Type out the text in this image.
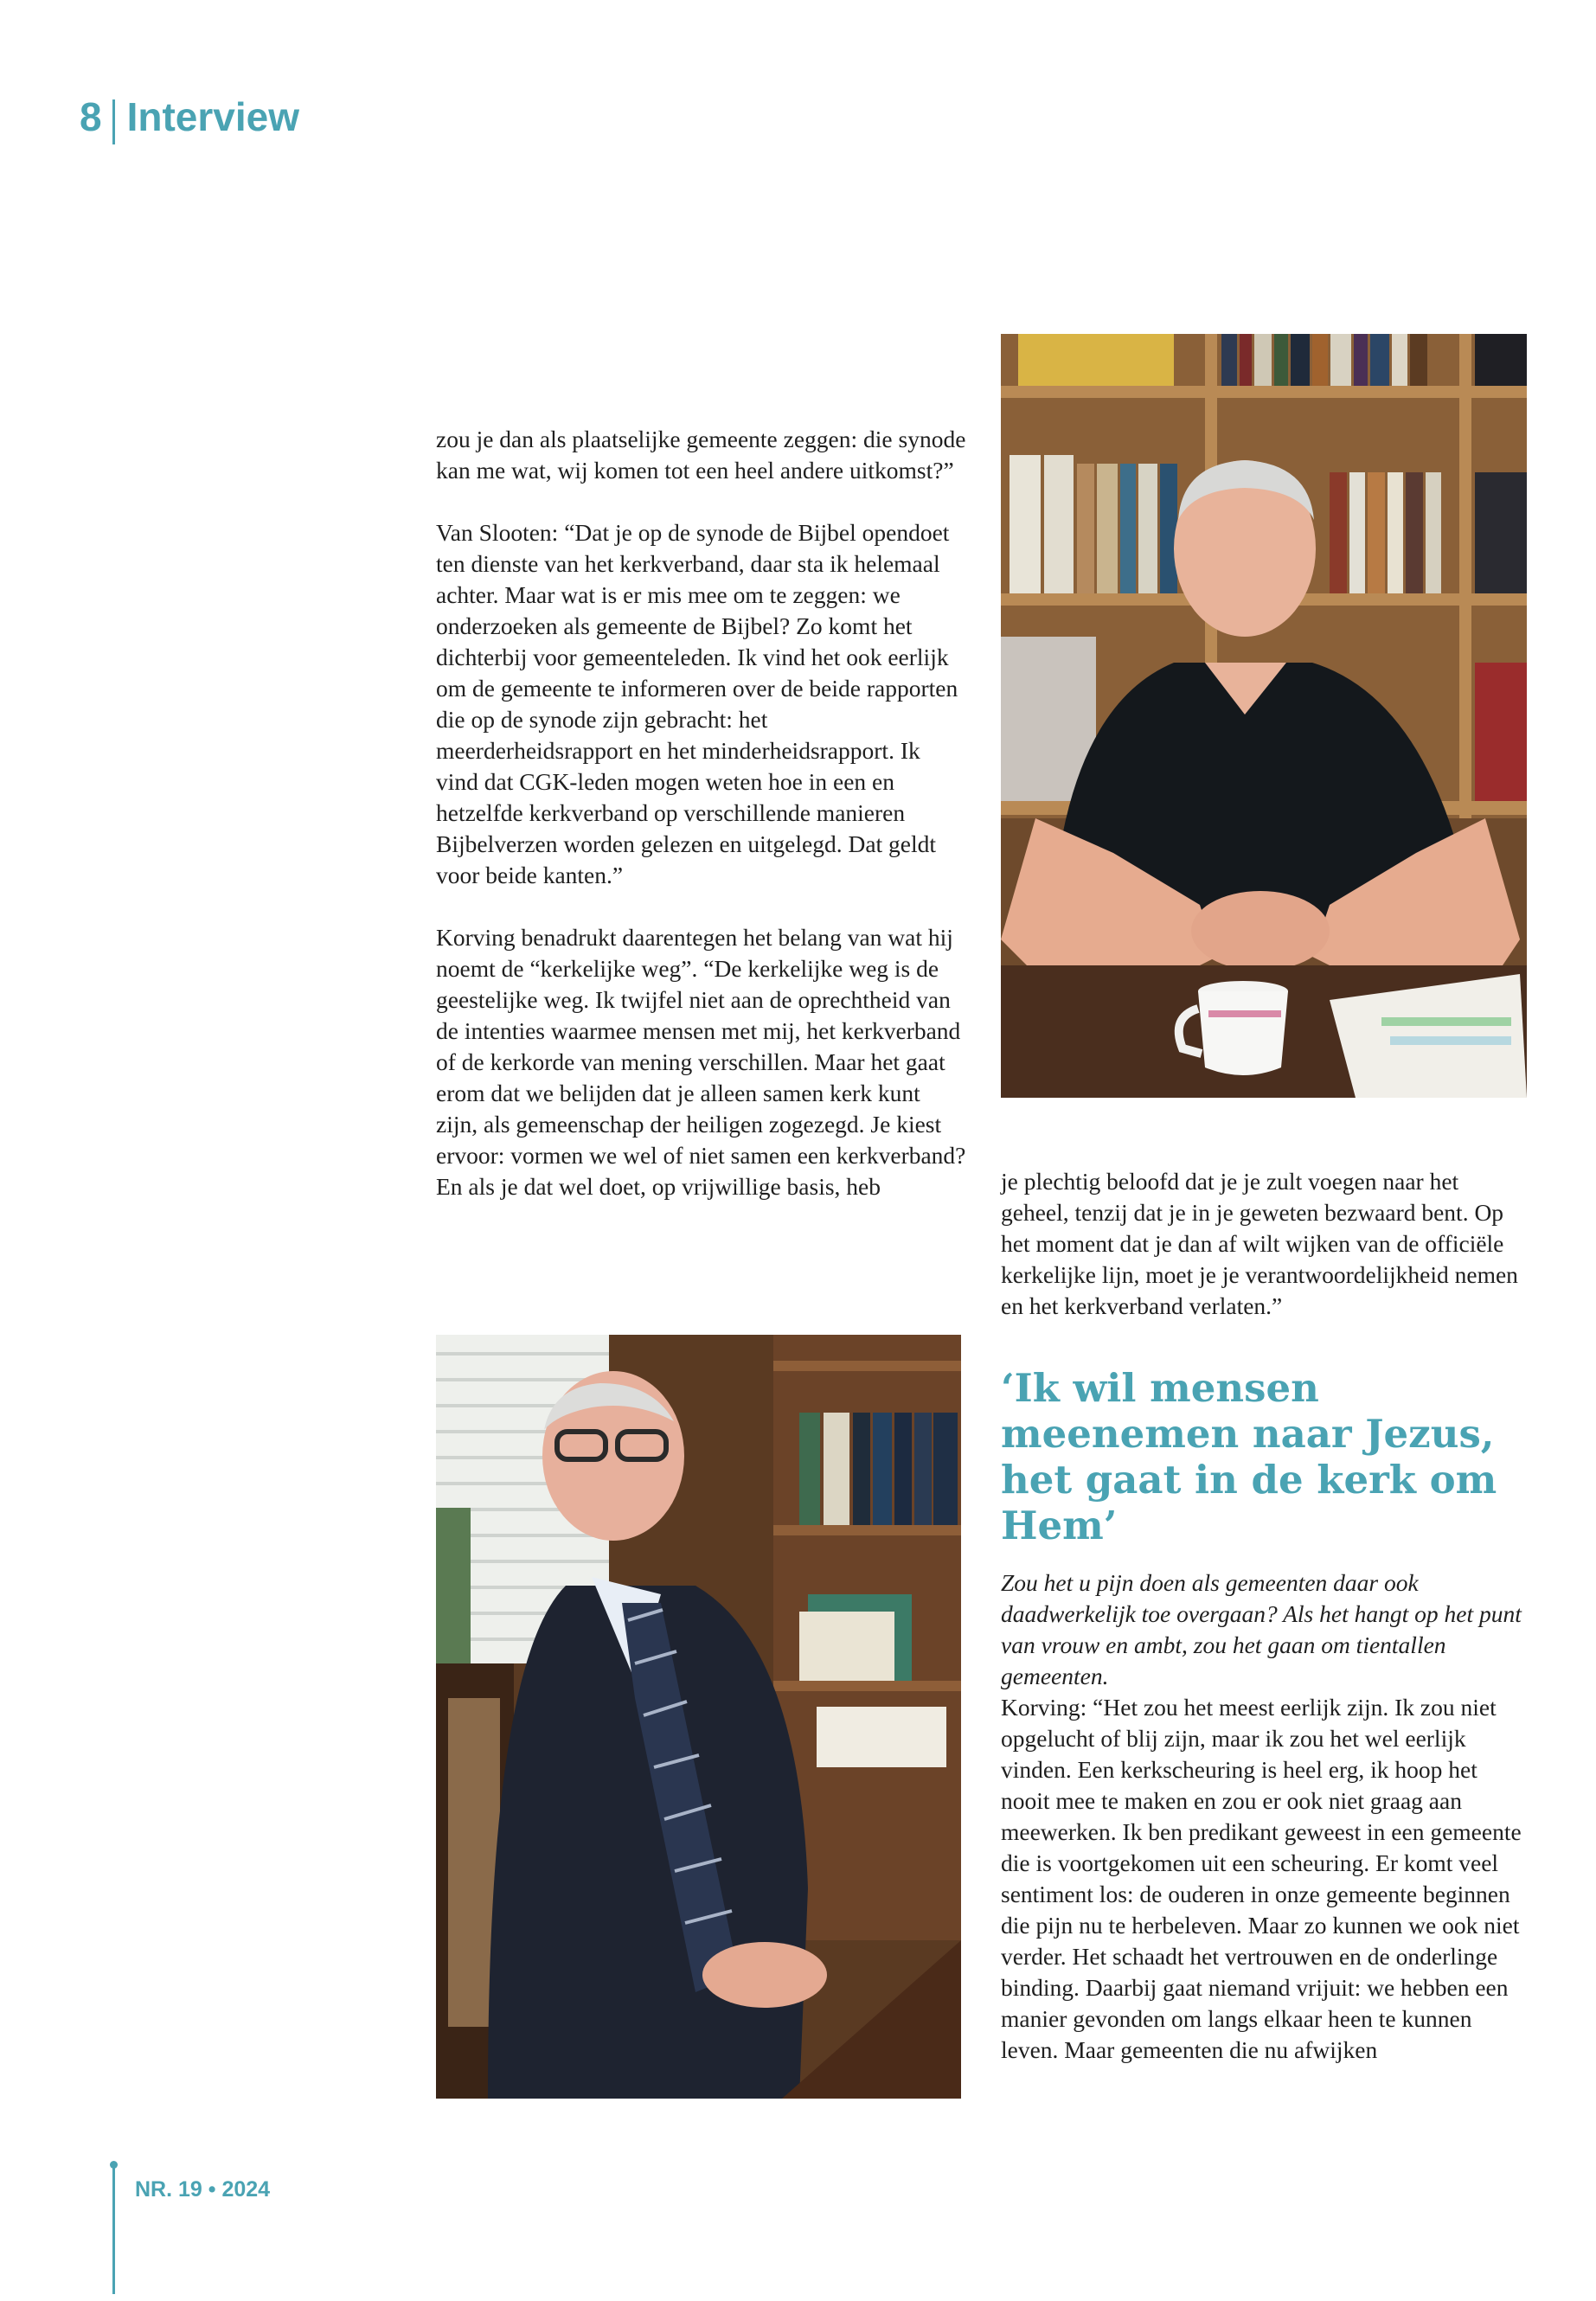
8 Interview

zou je dan als plaatselijke gemeente zeggen: die synode kan me wat, wij komen tot een heel andere uitkomst?”

Van Slooten: “Dat je op de synode de Bijbel opendoet ten dienste van het kerkverband, daar sta ik helemaal achter. Maar wat is er mis mee om te zeggen: we onderzoeken als gemeente de Bijbel? Zo komt het dichterbij voor gemeenteleden. Ik vind het ook eerlijk om de gemeente te informeren over de beide rapporten die op de synode zijn gebracht: het meerderheidsrapport en het minderheidsrapport. Ik vind dat CGK-leden mogen weten hoe in een en hetzelfde kerkverband op verschillende manieren Bijbelverzen worden gelezen en uitgelegd. Dat geldt voor beide kanten.”

Korving benadrukt daarentegen het belang van wat hij noemt de “kerkelijke weg”. “De kerkelijke weg is de geestelijke weg. Ik twijfel niet aan de oprechtheid van de intenties waarmee mensen met mij, het kerkverband of de kerkorde van mening verschillen. Maar het gaat erom dat we belijden dat je alleen samen kerk kunt zijn, als gemeenschap der heiligen zogezegd. Je kiest ervoor: vormen we wel of niet samen een kerkverband? En als je dat wel doet, op vrijwillige basis, heb	je plechtig beloofd dat je je zult voegen naar het geheel, tenzij dat je in je geweten bezwaard bent. Op het moment dat je dan af wilt wijken van de officiële kerkelijke lijn, moet je je verantwoordelijkheid nemen en het kerkverband verlaten.”

‘Ik wil mensen meenemen naar Jezus, het gaat in de kerk om Hem’

Zou het u pijn doen als gemeenten daar ook daadwerkelijk toe overgaan? Als het hangt op het punt van vrouw en ambt, zou het gaan om tientallen gemeenten.

Korving: “Het zou het meest eerlijk zijn. Ik zou niet opgelucht of blij zijn, maar ik zou het wel eerlijk vinden. Een kerkscheuring is heel erg, ik hoop het nooit mee te maken en zou er ook niet graag aan meewerken. Ik ben predikant geweest in een gemeente die is voortgekomen uit een scheuring. Er komt veel sentiment los: de ouderen in onze gemeente beginnen die pijn nu te herbeleven. Maar zo kunnen we ook niet verder. Het schaadt het vertrouwen en de onderlinge binding. Daarbij gaat niemand vrijuit: we hebben een manier gevonden om langs elkaar heen te kunnen leven. Maar gemeenten die nu afwijken

NR. 19 • 2024
